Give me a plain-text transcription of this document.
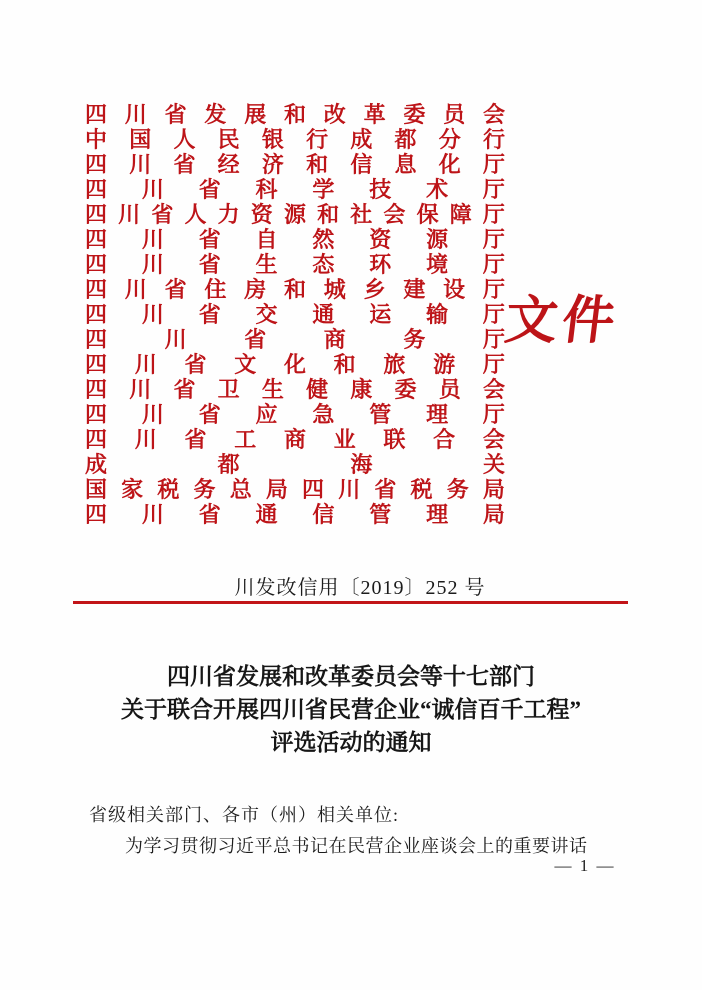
四 川 省 发 展 和 改 革 委 员 会
中 国 人 民 银 行 成 都 分 行
四 川 省 经 济 和 信 息 化 厅
四 川 省 科 学 技 术 厅
四 川 省 人 力 资 源 和 社 会 保 障 厅
四 川 省 自 然 资 源 厅
四 川 省 生 态 环 境 厅
四 川 省 住 房 和 城 乡 建 设 厅
四 川 省 交 通 运 输 厅
四	川	省	商	务	厅
四 川 省 文 化 和 旅 游 厅
四 川 省 卫 生 健 康 委 员 会
四 川 省 应 急 管 理 厅
四 川 省 工 商 业 联 合 会
成	都	海	关
国 家 税 务 总 局 四 川 省 税 务 局
四 川 省 通 信 管 理 局
文件
川发改信用〔2019〕252 号
四川省发展和改革委员会等十七部门
关于联合开展四川省民营企业“诚信百千工程”
评选活动的通知
省级相关部门、各市（州）相关单位:
为学习贯彻习近平总书记在民营企业座谈会上的重要讲话
— 1 —
